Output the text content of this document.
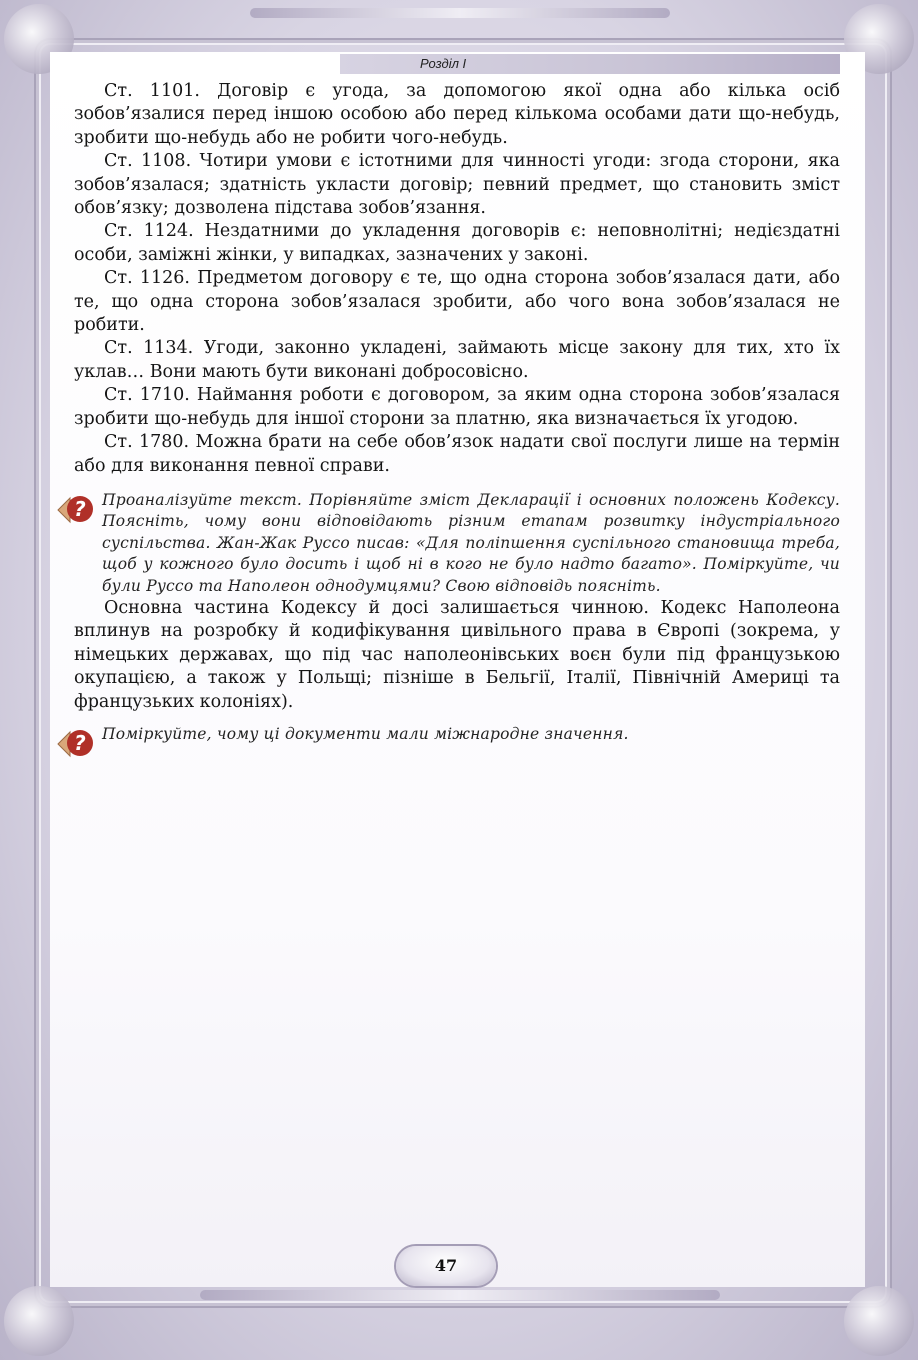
Розділ І

Ст. 1101. Договір є угода, за допомогою якої одна або кілька осіб зобов’язалися перед іншою особою або перед кількома особами дати що-небудь, зробити що-небудь або не робити чого-небудь.

Ст. 1108. Чотири умови є істотними для чинності угоди: згода сторони, яка зобов’язалася; здатність укласти договір; певний предмет, що становить зміст обов’язку; дозволена підстава зобов’язання.

Ст. 1124. Нездатними до укладення договорів є: неповнолітні; недієздатні особи, заміжні жінки, у випадках, зазначених у законі.

Ст. 1126. Предметом договору є те, що одна сторона зобов’язалася дати, або те, що одна сторона зобов’язалася зробити, або чого вона зобов’язалася не робити.

Ст. 1134. Угоди, законно укладені, займають місце закону для тих, хто їх уклав… Вони мають бути виконані добросовісно.

Ст. 1710. Наймання роботи є договором, за яким одна сторона зобов’язалася зробити що-небудь для іншої сторони за платню, яка визначається їх угодою.

Ст. 1780. Можна брати на себе обов’язок надати свої послуги лише на термін або для виконання певної справи.

? Проаналізуйте текст. Порівняйте зміст Декларації і основних положень Кодексу. Поясніть, чому вони відповідають різним етапам розвитку індустріального суспільства. Жан-Жак Руссо писав: «Для поліпшення суспільного становища треба, щоб у кожного було досить і щоб ні в кого не було надто багато». Поміркуйте, чи були Руссо та Наполеон однодумцями? Свою відповідь поясніть.

Основна частина Кодексу й досі залишається чинною. Кодекс Наполеона вплинув на розробку й кодифікування цивільного права в Європі (зокрема, у німецьких державах, що під час наполеонівських воєн були під французькою окупацією, а також у Польщі; пізніше в Бельгії, Італії, Північній Америці та французьких колоніях).

? Поміркуйте, чому ці документи мали міжнародне значення.

47
